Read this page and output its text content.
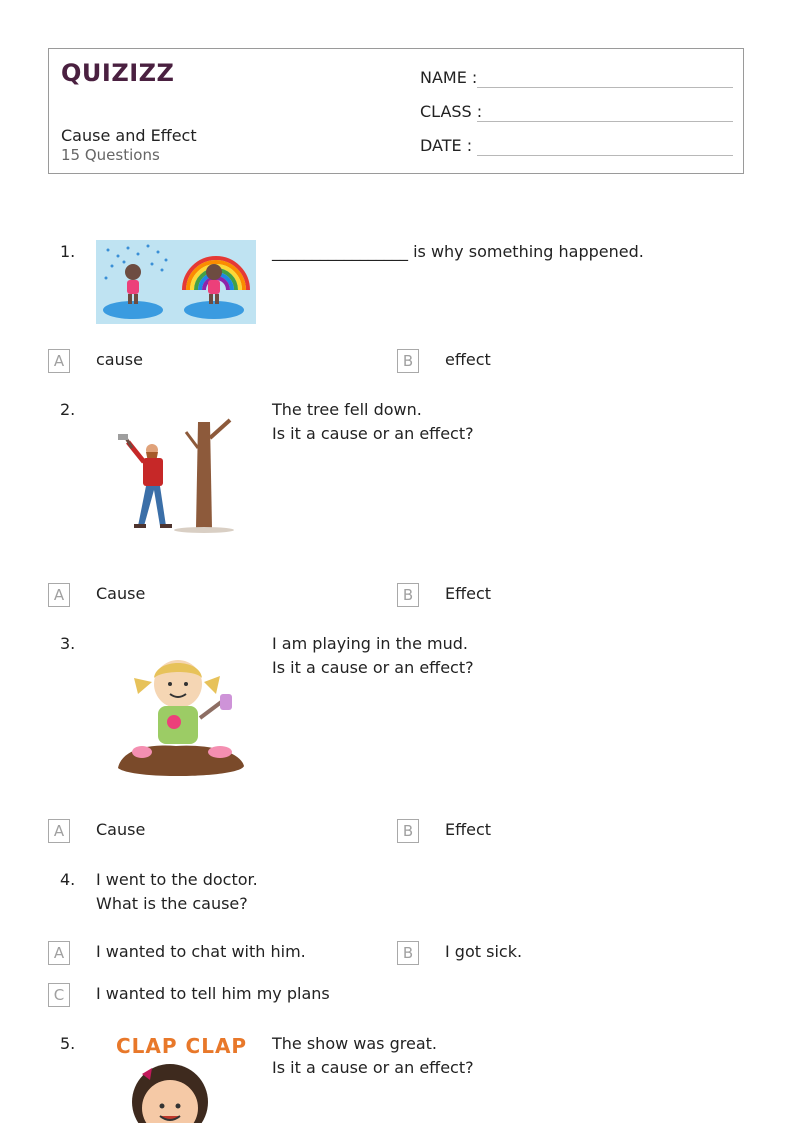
QUIZIZZ
Cause and Effect
15 Questions
NAME :
CLASS :
DATE :
1.	_________________ is why something happened.
A	cause	B	effect
2.	The tree fell down.
Is it a cause or an effect?
A	Cause	B	Effect
3.	I am playing in the mud.
Is it a cause or an effect?
A	Cause	B	Effect
4. I went to the doctor.
What is the cause?
A	I wanted to chat with him.	B	I got sick.
C	I wanted to tell him my plans
5. CLAP CLAP The show was great.
Is it a cause or an effect?
